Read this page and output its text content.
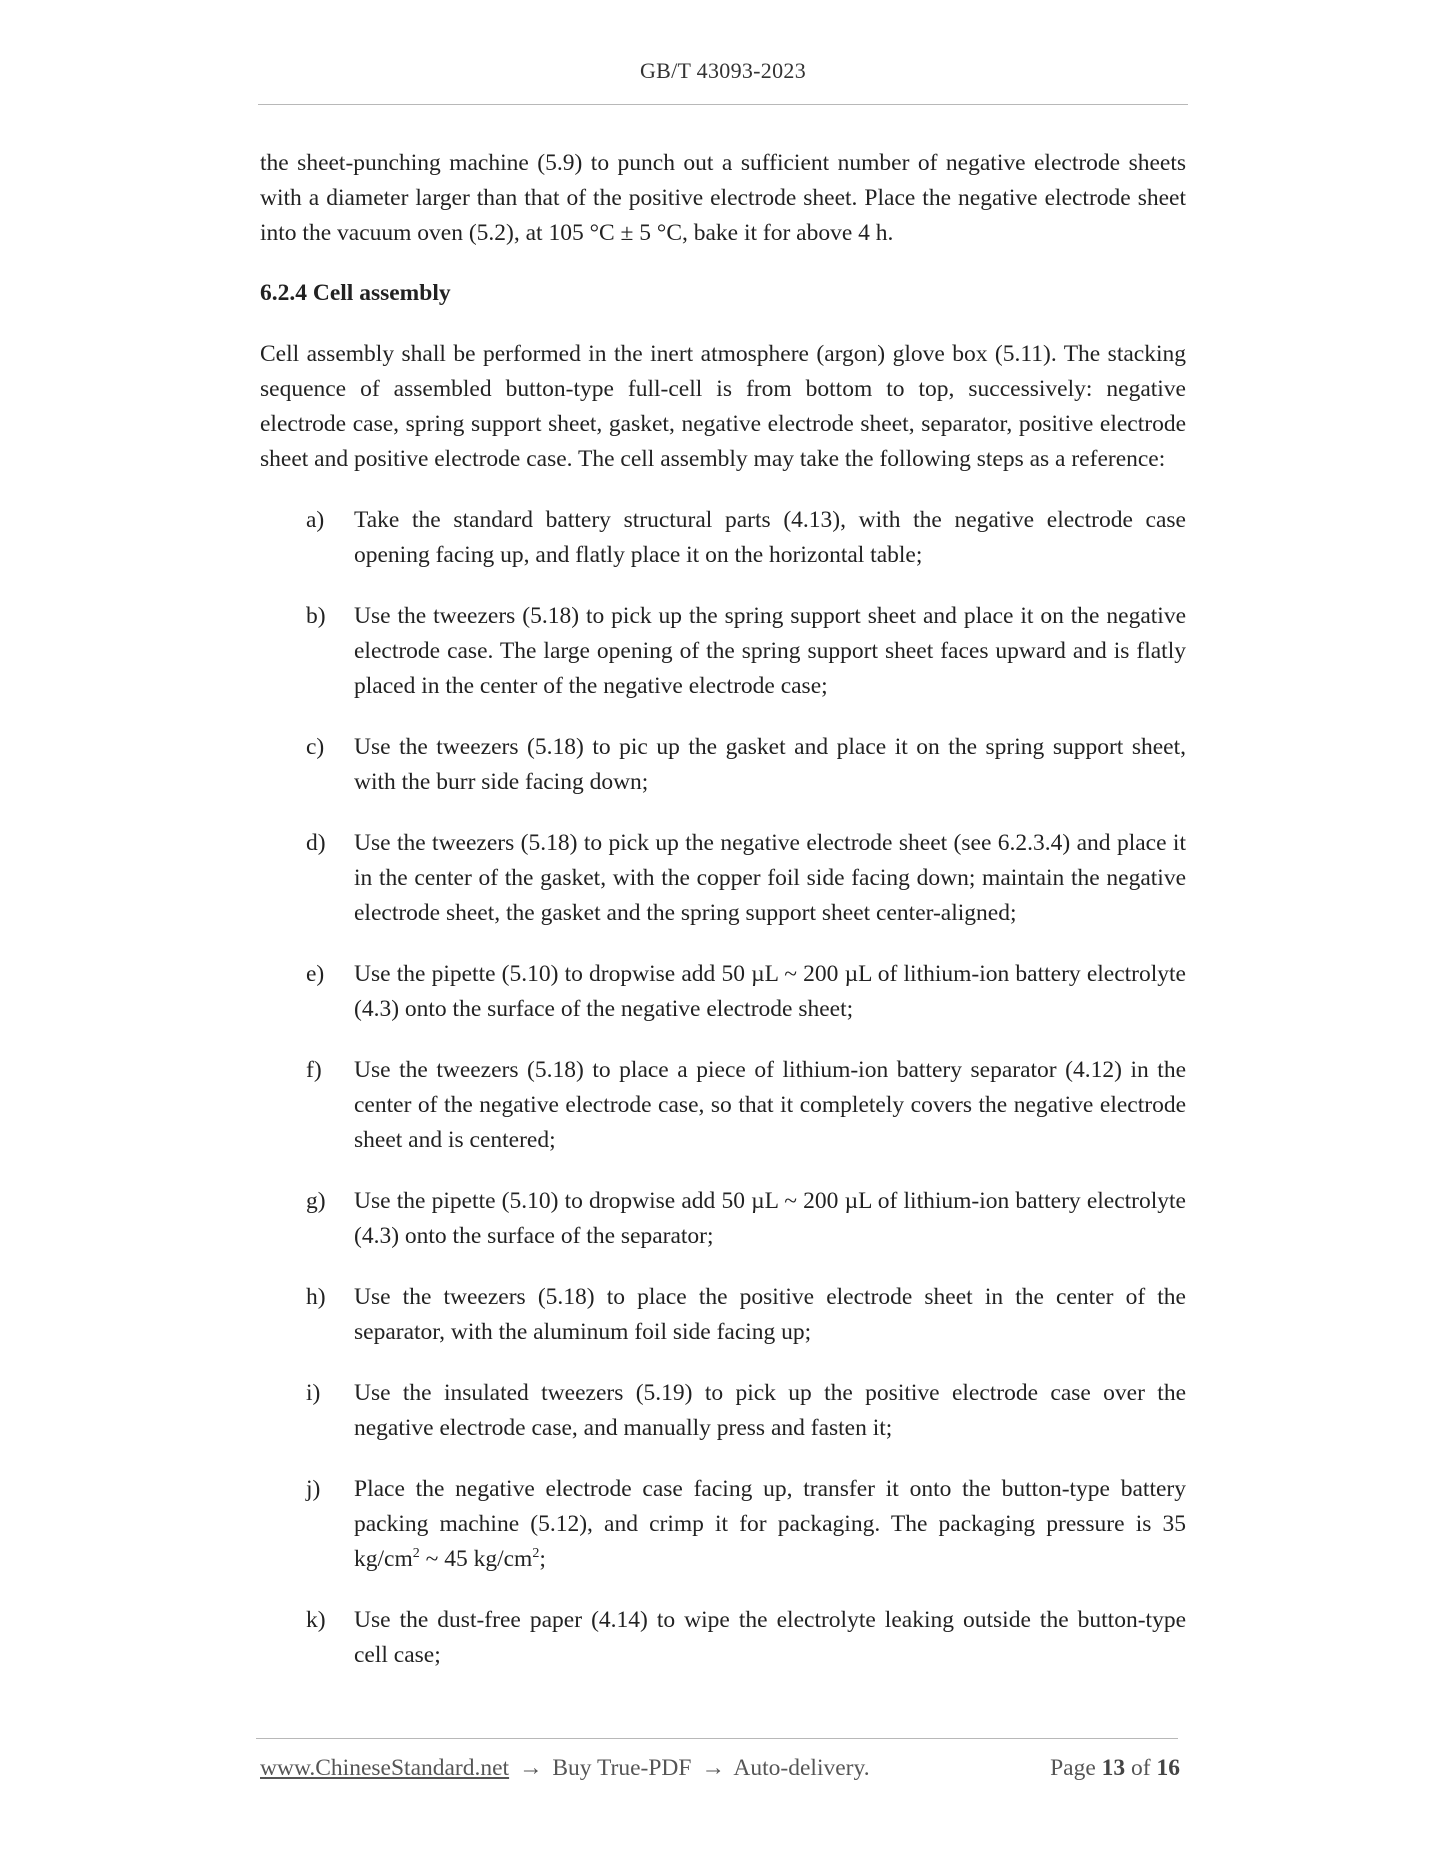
GB/T 43093-2023

the sheet-punching machine (5.9) to punch out a sufficient number of negative electrode sheets with a diameter larger than that of the positive electrode sheet. Place the negative electrode sheet into the vacuum oven (5.2), at 105 °C ± 5 °C, bake it for above 4 h.

6.2.4 Cell assembly

Cell assembly shall be performed in the inert atmosphere (argon) glove box (5.11). The stacking sequence of assembled button-type full-cell is from bottom to top, successively: negative electrode case, spring support sheet, gasket, negative electrode sheet, separator, positive electrode sheet and positive electrode case. The cell assembly may take the following steps as a reference:

a)	Take the standard battery structural parts (4.13), with the negative electrode case opening facing up, and flatly place it on the horizontal table;
b)	Use the tweezers (5.18) to pick up the spring support sheet and place it on the negative electrode case. The large opening of the spring support sheet faces upward and is flatly placed in the center of the negative electrode case;
c)	Use the tweezers (5.18) to pic up the gasket and place it on the spring support sheet, with the burr side facing down;
d)	Use the tweezers (5.18) to pick up the negative electrode sheet (see 6.2.3.4) and place it in the center of the gasket, with the copper foil side facing down; maintain the negative electrode sheet, the gasket and the spring support sheet center-aligned;
e)	Use the pipette (5.10) to dropwise add 50 µL ~ 200 µL of lithium-ion battery electrolyte (4.3) onto the surface of the negative electrode sheet;
f)	Use the tweezers (5.18) to place a piece of lithium-ion battery separator (4.12) in the center of the negative electrode case, so that it completely covers the negative electrode sheet and is centered;
g)	Use the pipette (5.10) to dropwise add 50 µL ~ 200 µL of lithium-ion battery electrolyte (4.3) onto the surface of the separator;
h)	Use the tweezers (5.18) to place the positive electrode sheet in the center of the separator, with the aluminum foil side facing up;
i)	Use the insulated tweezers (5.19) to pick up the positive electrode case over the negative electrode case, and manually press and fasten it;
j)	Place the negative electrode case facing up, transfer it onto the button-type battery packing machine (5.12), and crimp it for packaging. The packaging pressure is 35 $kg/cm^2$ ~ 45 $kg/cm^2$;
k)	Use the dust-free paper (4.14) to wipe the electrolyte leaking outside the button-type cell case;
www.ChineseStandard.net → Buy True-PDF → Auto-delivery.	Page 13 of 16
